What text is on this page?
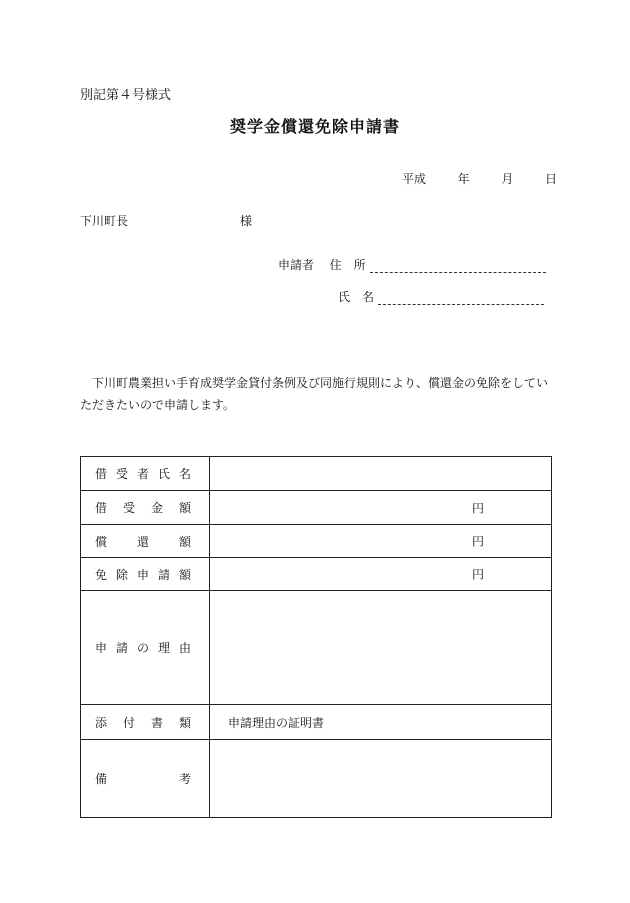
別記第４号様式
奨学金償還免除申請書
平成	年	月	日
下川町長	様
申請者 住　所
氏　名
下川町農業担い手育成奨学金貸付条例及び同施行規則により、償還金の免除をしていただきたいので申請します。
借 受 者 氏 名	

借 受 金 額	円

償 還 額	円

免 除 申 請 額	円

申 請 の 理 由	

添 付 書 類	申請理由の証明書

備 考	
